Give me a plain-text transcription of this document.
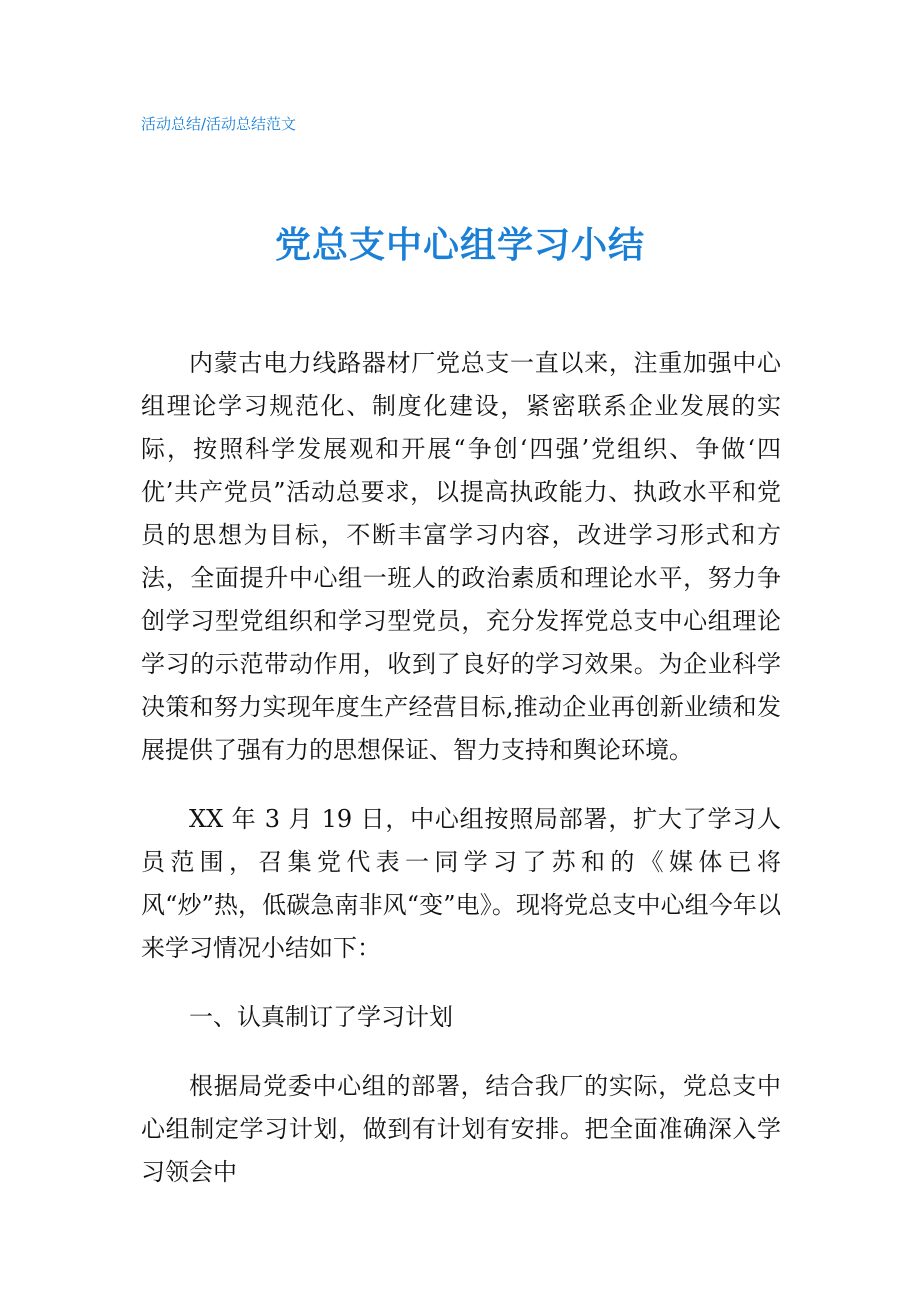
活动总结/活动总结范文
党总支中心组学习小结

内蒙古电力线路器材厂党总支一直以来，注重加强中心组理论学习规范化、制度化建设，紧密联系企业发展的实际，按照科学发展观和开展“争创‘四强’党组织、争做‘四优’共产党员”活动总要求，以提高执政能力、执政水平和党员的思想为目标，不断丰富学习内容，改进学习形式和方法，全面提升中心组一班人的政治素质和理论水平，努力争创学习型党组织和学习型党员，充分发挥党总支中心组理论学习的示范带动作用，收到了良好的学习效果。为企业科学决策和努力实现年度生产经营目标,推动企业再创新业绩和发展提供了强有力的思想保证、智力支持和舆论环境。

XX 年 3 月 19 日，中心组按照局部署，扩大了学习人员范围，召集党代表一同学习了苏和的《媒体已将风“炒”热，低碳急南非风“变”电》。现将党总支中心组今年以来学习情况小结如下：

一、认真制订了学习计划

根据局党委中心组的部署，结合我厂的实际，党总支中心组制定学习计划，做到有计划有安排。把全面准确深入学习领会中
